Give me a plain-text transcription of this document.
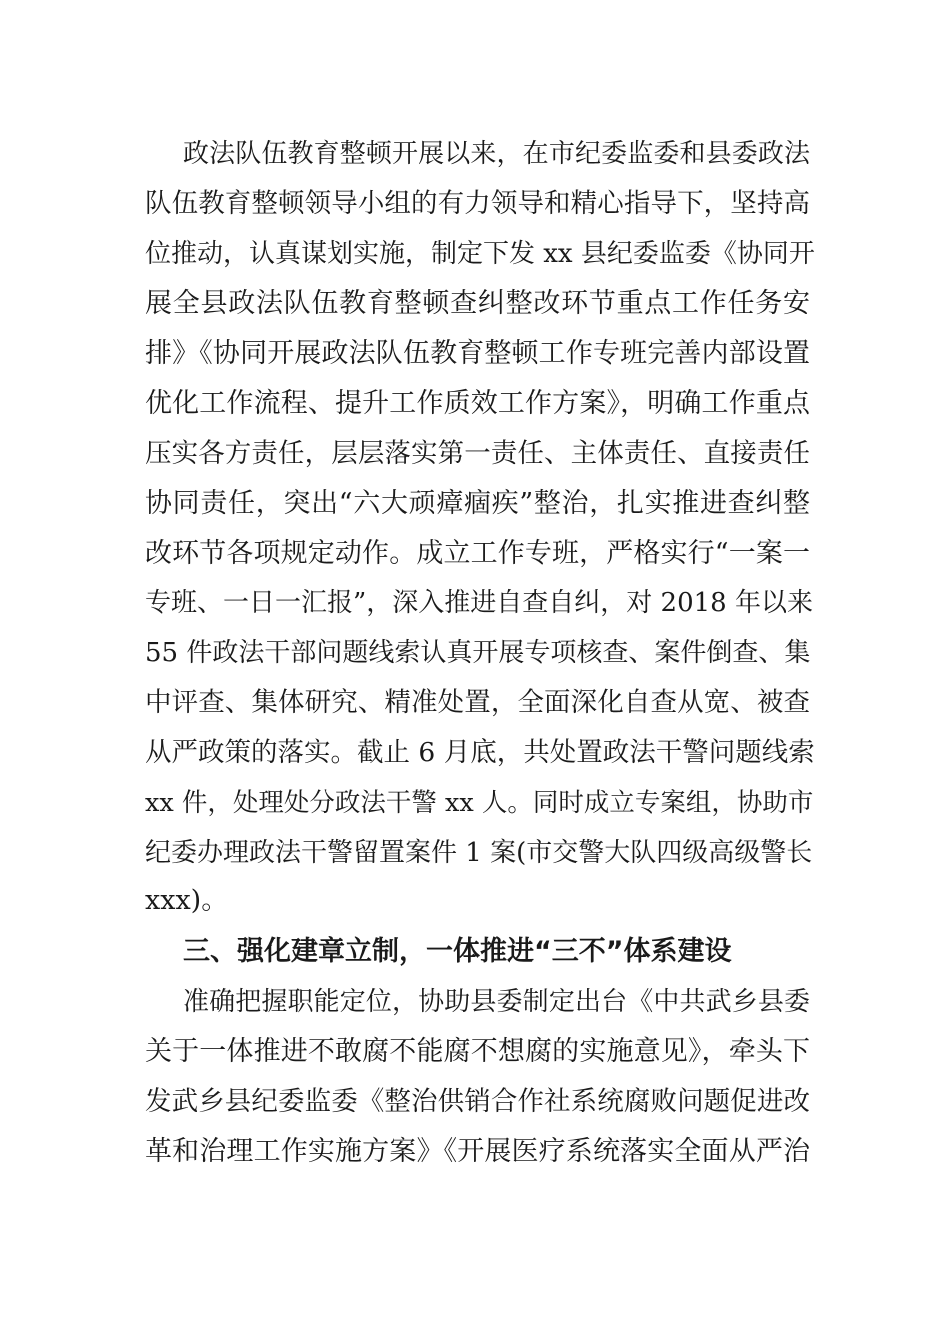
政法队伍教育整顿开展以来，在市纪委监委和县委政法
队伍教育整顿领导小组的有力领导和精心指导下，坚持高
位推动，认真谋划实施，制定下发 xx 县纪委监委《协同开
展全县政法队伍教育整顿查纠整改环节重点工作任务安
排》《协同开展政法队伍教育整顿工作专班完善内部设置
优化工作流程、提升工作质效工作方案》，明确工作重点
压实各方责任，层层落实第一责任、主体责任、直接责任
协同责任，突出“六大顽瘴痼疾”整治，扎实推进查纠整
改环节各项规定动作。成立工作专班，严格实行“一案一
专班、一日一汇报”，深入推进自查自纠，对 2018 年以来
55 件政法干部问题线索认真开展专项核查、案件倒查、集
中评查、集体研究、精准处置，全面深化自查从宽、被查
从严政策的落实。截止 6 月底，共处置政法干警问题线索
xx 件，处理处分政法干警 xx 人。同时成立专案组，协助市
纪委办理政法干警留置案件 1 案(市交警大队四级高级警长
xxx)。
三、强化建章立制，一体推进“三不”体系建设
准确把握职能定位，协助县委制定出台《中共武乡县委
关于一体推进不敢腐不能腐不想腐的实施意见》，牵头下
发武乡县纪委监委《整治供销合作社系统腐败问题促进改
革和治理工作实施方案》《开展医疗系统落实全面从严治
